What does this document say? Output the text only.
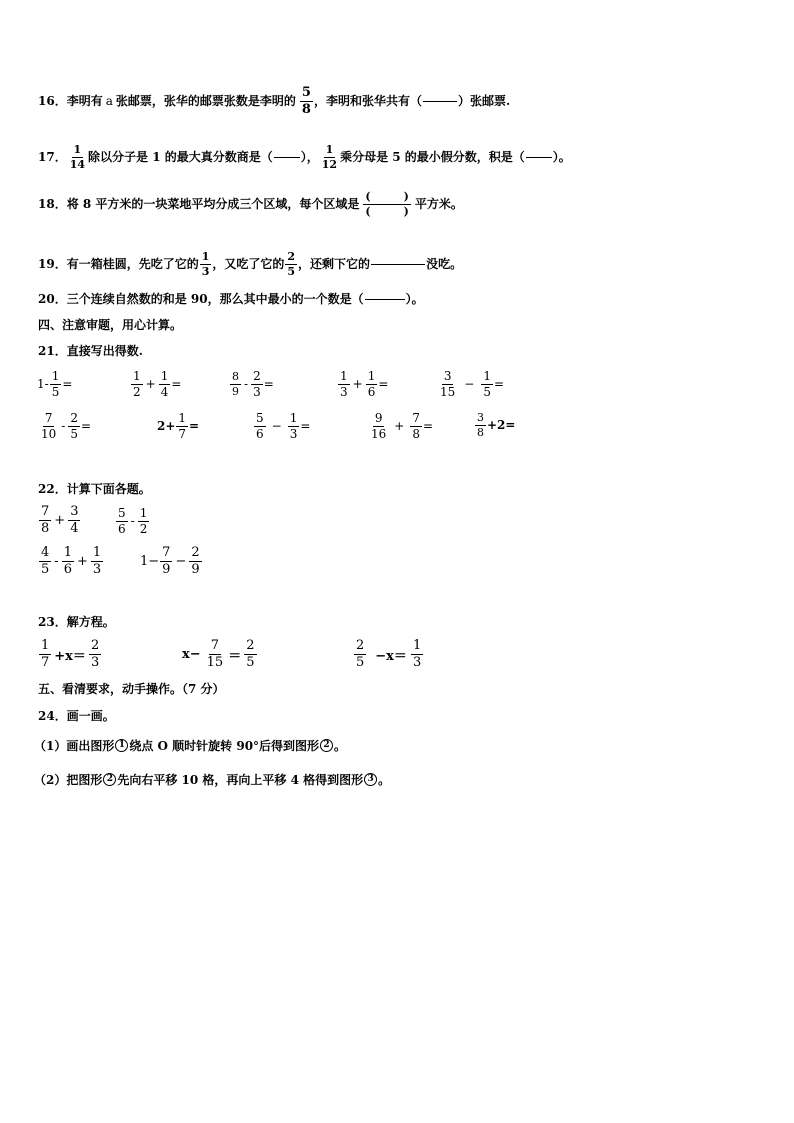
16． 李明有 a 张邮票，张华的邮票张数是李明的 $\frac{5}{8}$ ，李明和张华共有（	）张邮票.
17． $\frac{1}{14}$ 除以分子是 1 的最大真分数商是（ ）， $\frac{1}{12}$ 乘分母是 5 的最小假分数，积是（ ）。
18． 将 8 平方米的一块菜地平均分成三个区域，每个区域是 $\frac{( )}{( )}$ 平方米。
19． 有一箱桂圆，先吃了它的 $\frac{1}{3}$ ，又吃了它的 $\frac{2}{5}$ ，还剩下它的	没吃。
20． 三个连续自然数的和是 90，那么其中最小的一个数是（	）。
四、注意审题，用心计算。
21．直接写出得数.
$1- \frac{1}{5}$ =	$\frac{1}{2} + \frac{1}{4}$ =	$\frac{8}{9} - \frac{2}{3}$ =	$\frac{1}{3} + \frac{1}{6}$ =	$\frac{3}{15} - \frac{1}{5}$ =
$\frac{7}{10} - \frac{2}{5}$ =	$2+ \frac{1}{7}$ =	$\frac{5}{6} - \frac{1}{3}$ =	$\frac{9}{16} + \frac{7}{8}$ =	$\frac{3}{8} +2=$
22．计算下面各题。
$\frac{7}{8} + \frac{3}{4}$	$\frac{5}{6} - \frac{1}{2}$
$\frac{4}{5} - \frac{1}{6} + \frac{1}{3}$	$1- \frac{7}{9} - \frac{2}{9}$
23．解方程。
$\frac{1}{7} +x= \frac{2}{3}$	$x- \frac{7}{15} = \frac{2}{5}$	$\frac{2}{5} -x= \frac{1}{3}$
五、看清要求，动手操作。（7 分）
24．画一画。
（1）画出图形 1 绕点 O 顺时针旋转 90°后得到图形 2 。
（2）把图形 2 先向右平移 10 格，再向上平移 4 格得到图形 3 。
